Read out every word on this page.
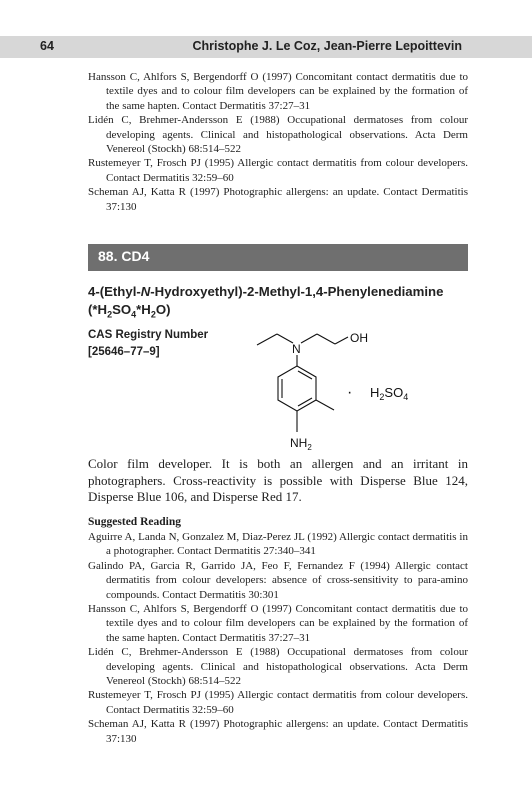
64	Christophe J. Le Coz, Jean-Pierre Lepoittevin

Hansson C, Ahlfors S, Bergendorff O (1997) Concomitant contact dermatitis due to textile dyes and to colour film developers can be explained by the formation of the same hapten. Contact Dermatitis 37:27–31

Lidén C, Brehmer-Andersson E (1988) Occupational dermatoses from colour developing agents. Clinical and histopathological observations. Acta Derm Venereol (Stockh) 68:514–522

Rustemeyer T, Frosch PJ (1995) Allergic contact dermatitis from colour developers. Contact Dermatitis 32:59–60

Scheman AJ, Katta R (1997) Photographic allergens: an update. Contact Dermatitis 37:130

88. CD4
4-(Ethyl-N-Hydroxyethyl)-2-Methyl-1,4-Phenylenediamine
$(*H_2SO_4*H_2O)$
CAS Registry Number
[25646–77–9]	N
OH
$NH_2$
· $H_2SO_4$

Color film developer. It is both an allergen and an irritant in photographers. Cross-reactivity is possible with Disperse Blue 124, Disperse Blue 106, and Disperse Red 17.

Suggested Reading

Aguirre A, Landa N, Gonzalez M, Diaz-Perez JL (1992) Allergic contact dermatitis in a photographer. Contact Dermatitis 27:340–341

Galindo PA, Garcia R, Garrido JA, Feo F, Fernandez F (1994) Allergic contact dermatitis from colour developers: absence of cross-sensitivity to para-amino compounds. Contact Dermatitis 30:301

Hansson C, Ahlfors S, Bergendorff O (1997) Concomitant contact dermatitis due to textile dyes and to colour film developers can be explained by the formation of the same hapten. Contact Dermatitis 37:27–31

Lidén C, Brehmer-Andersson E (1988) Occupational dermatoses from colour developing agents. Clinical and histopathological observations. Acta Derm Venereol (Stockh) 68:514–522

Rustemeyer T, Frosch PJ (1995) Allergic contact dermatitis from colour developers. Contact Dermatitis 32:59–60

Scheman AJ, Katta R (1997) Photographic allergens: an update. Contact Dermatitis 37:130
